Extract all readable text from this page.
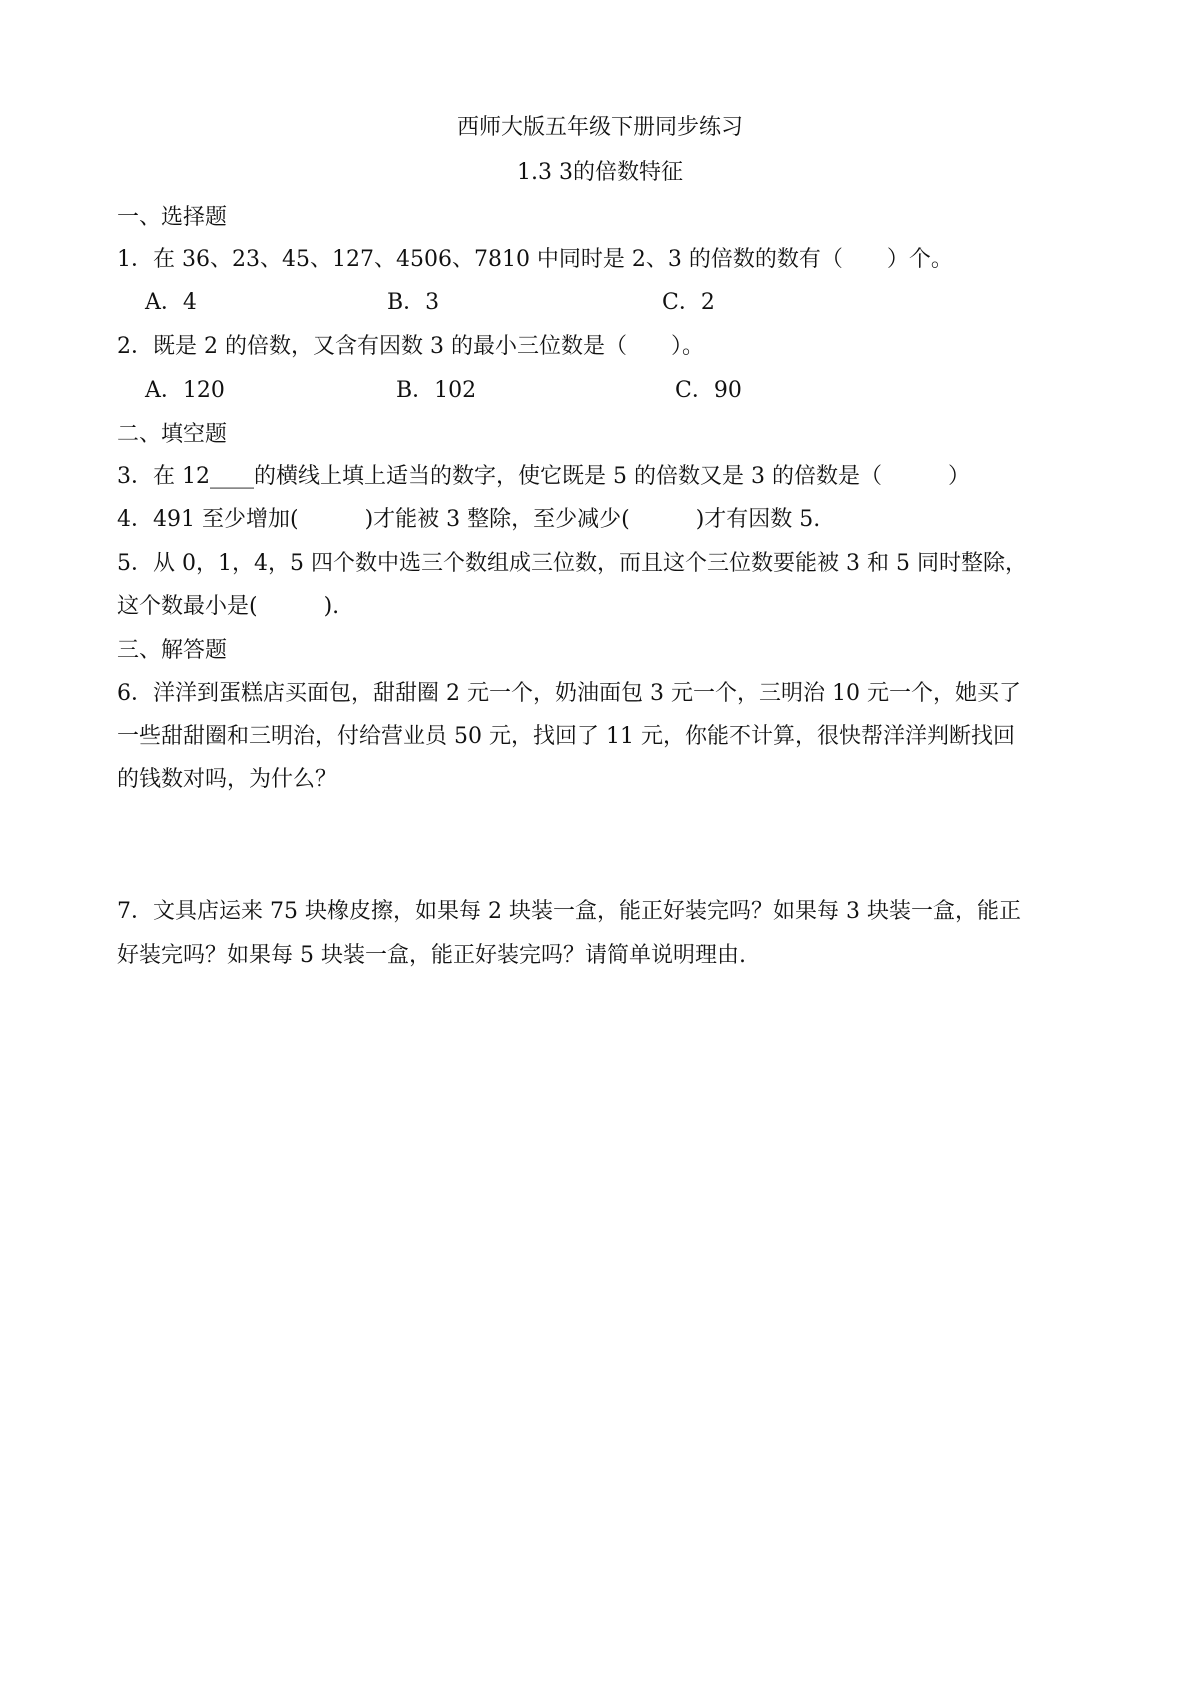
西师大版五年级下册同步练习
1.3 3的倍数特征
一、选择题
1．在 36、23、45、127、4506、7810 中同时是 2、3 的倍数的数有（　　）个。
A．4	B．3	C．2
2．既是 2 的倍数，又含有因数 3 的最小三位数是（　　）。
A．120	B．102	C．90
二、填空题
3．在 12____的横线上填上适当的数字，使它既是 5 的倍数又是 3 的倍数是（　　　）
4．491 至少增加(　　　)才能被 3 整除，至少减少(　　　)才有因数 5.
5．从 0，1，4，5 四个数中选三个数组成三位数，而且这个三位数要能被 3 和 5 同时整除，
这个数最小是(　　　).
三、解答题
6．洋洋到蛋糕店买面包，甜甜圈 2 元一个，奶油面包 3 元一个，三明治 10 元一个，她买了
一些甜甜圈和三明治，付给营业员 50 元，找回了 11 元，你能不计算，很快帮洋洋判断找回
的钱数对吗，为什么？
7．文具店运来 75 块橡皮擦，如果每 2 块装一盒，能正好装完吗？如果每 3 块装一盒，能正
好装完吗？如果每 5 块装一盒，能正好装完吗？请简单说明理由.
